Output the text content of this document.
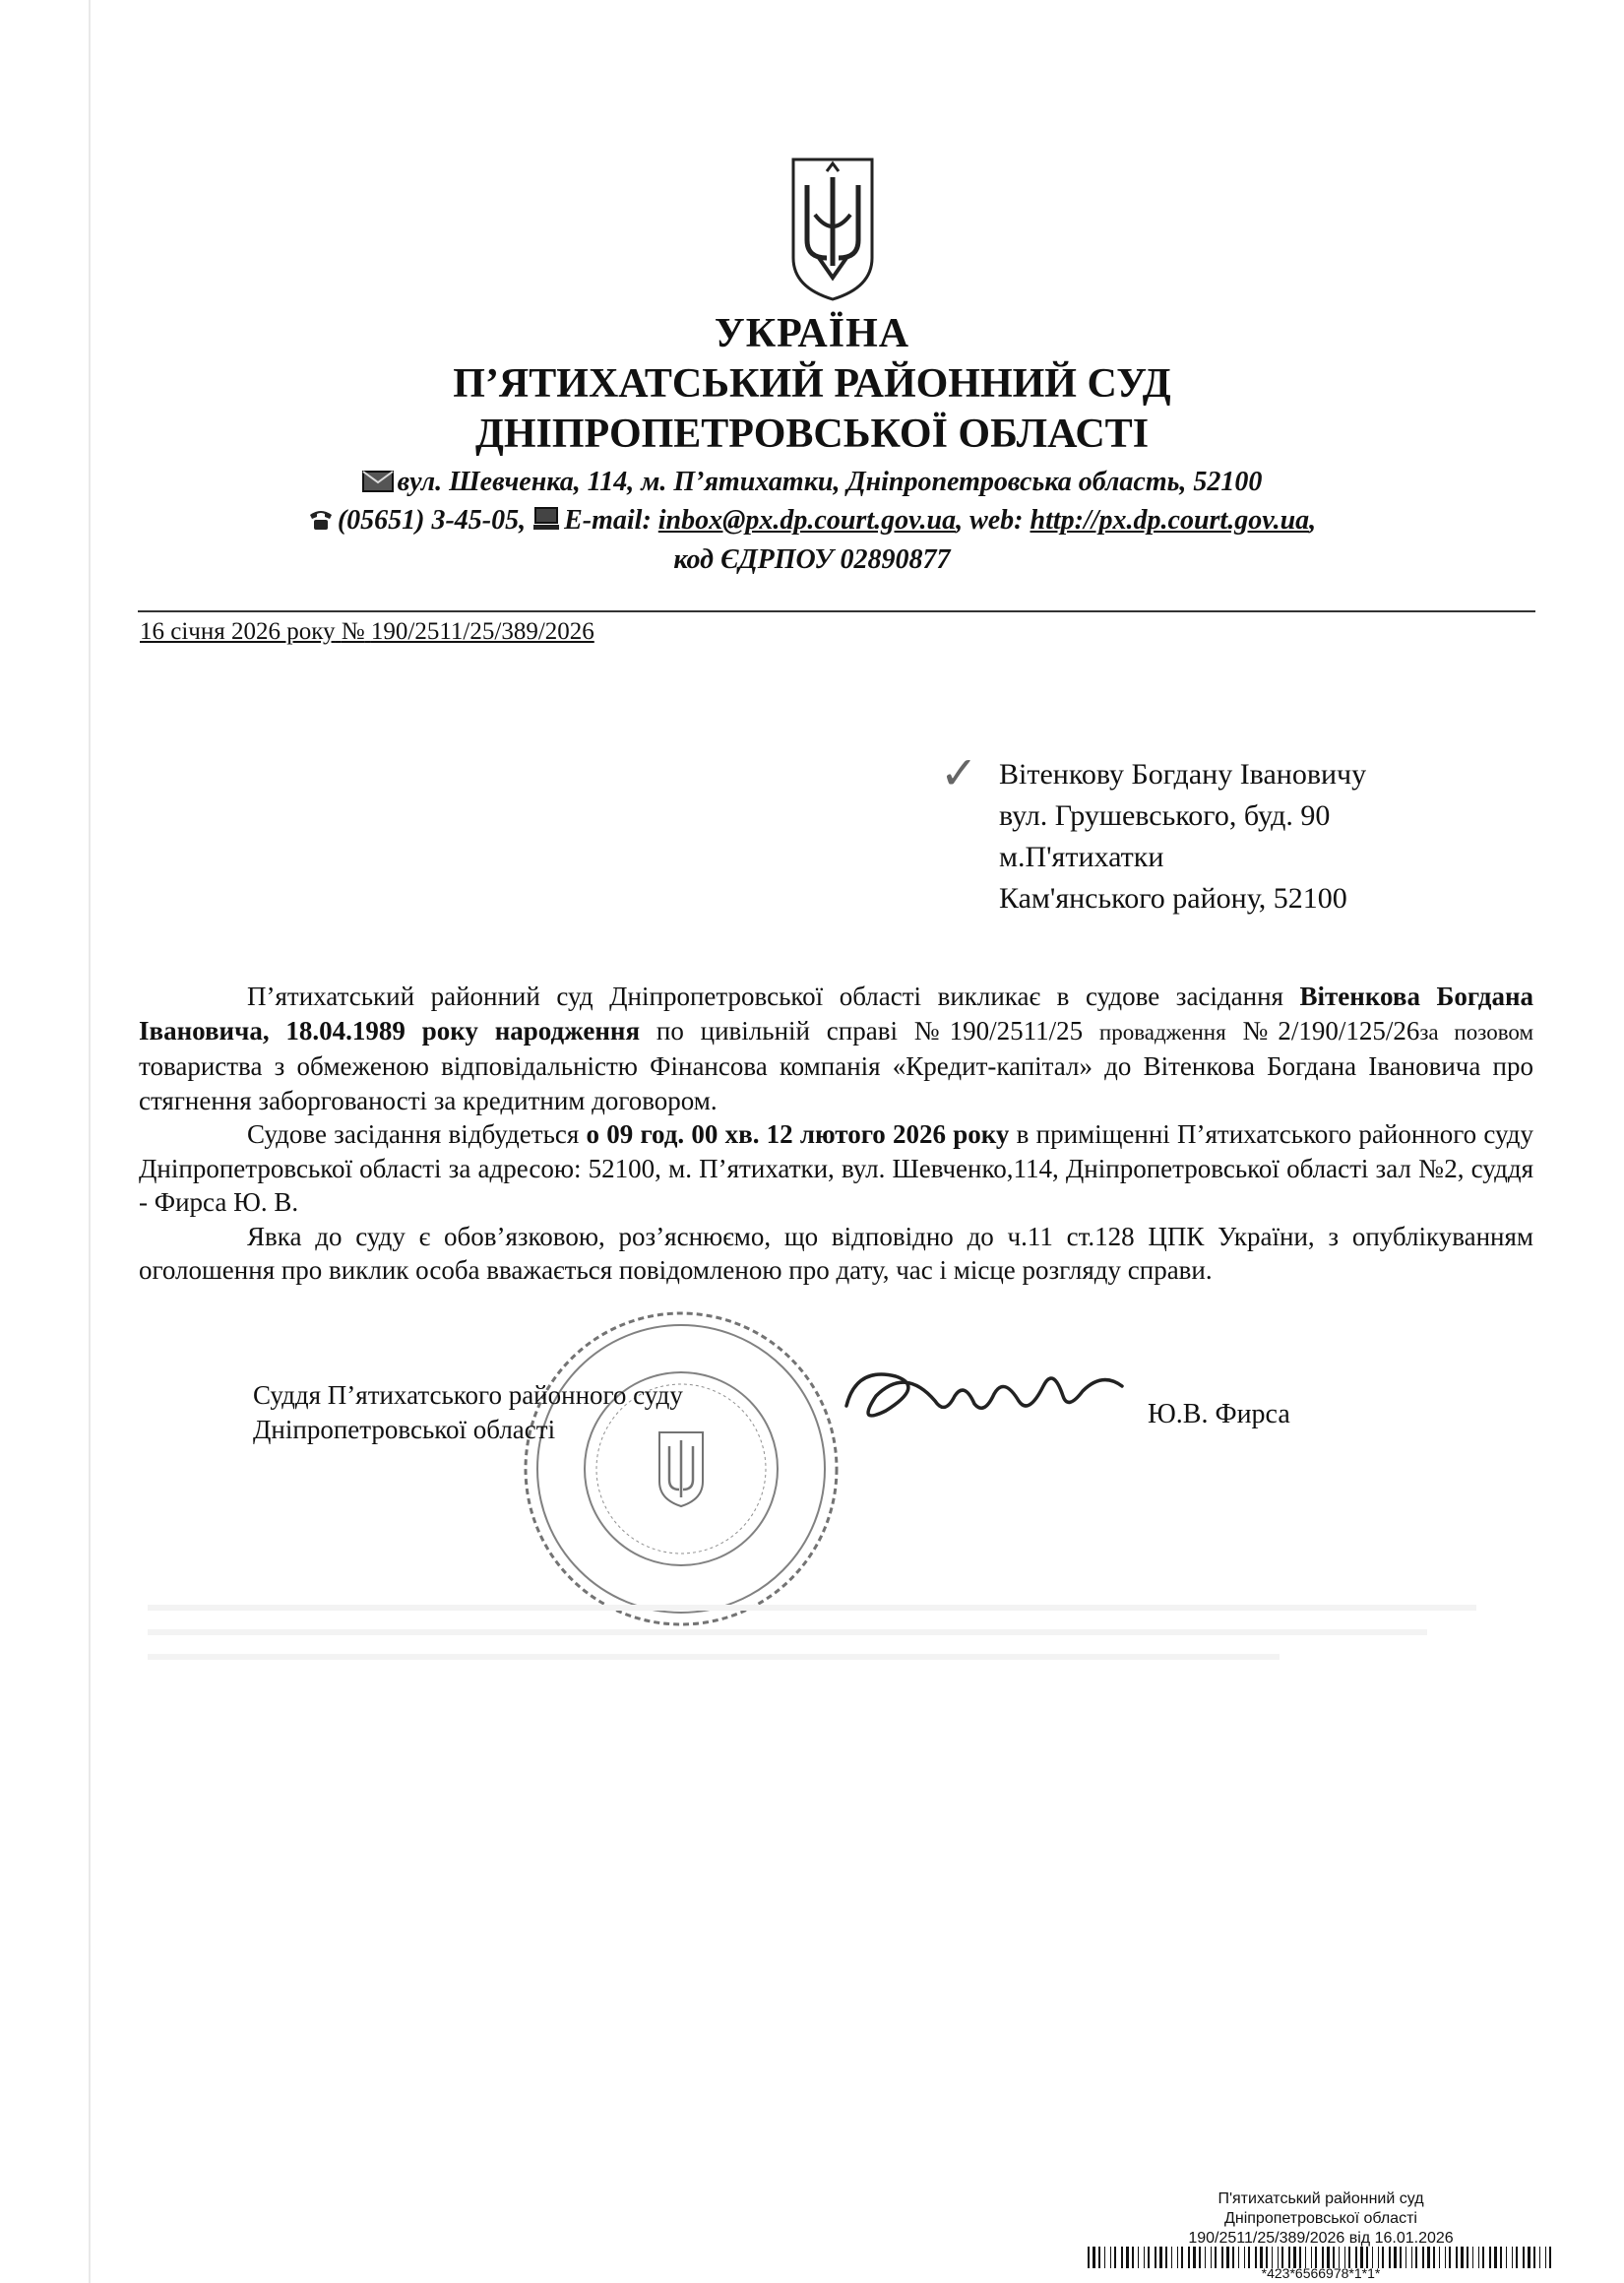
УКРАЇНА
П’ЯТИХАТСЬКИЙ РАЙОННИЙ СУД
ДНІПРОПЕТРОВСЬКОЇ ОБЛАСТІ
вул. Шевченка, 114, м. П’ятихатки, Дніпропетровська область, 52100
(05651) 3-45-05, E-mail: inbox@px.dp.court.gov.ua, web: http://px.dp.court.gov.ua,
код ЄДРПОУ 02890877
16 січня 2026 року № 190/2511/25/389/2026
✓ Вітенкову Богдану Івановичу
вул. Грушевського, буд. 90
м.П'ятихатки
Кам'янського району, 52100

П’ятихатський районний суд Дніпропетровської області викликає в судове засідання Вітенкова Богдана Івановича, 18.04.1989 року народження по цивільній справі №190/2511/25 провадження №2/190/125/26за позовом товариства з обмеженою відповідальністю Фінансова компанія «Кредит-капітал» до Вітенкова Богдана Івановича про стягнення заборгованості за кредитним договором.

Судове засідання відбудеться о 09 год. 00 хв. 12 лютого 2026 року в приміщенні П’ятихатського районного суду Дніпропетровської області за адресою: 52100, м. П’ятихатки, вул. Шевченко,114, Дніпропетровської області зал №2, суддя - Фирса Ю. В.

Явка до суду є обов’язковою, роз’яснюємо, що відповідно до ч.11 ст.128 ЦПК України, з опублікуванням оголошення про виклик особа вважається повідомленою про дату, час і місце розгляду справи.

Суддя П’ятихатського районного суду
Дніпропетровської області	Ю.В. Фирса
П'ятихатський районний суд
Дніпропетровської області
190/2511/25/389/2026 від 16.01.2026
*423*6566978*1*1*
